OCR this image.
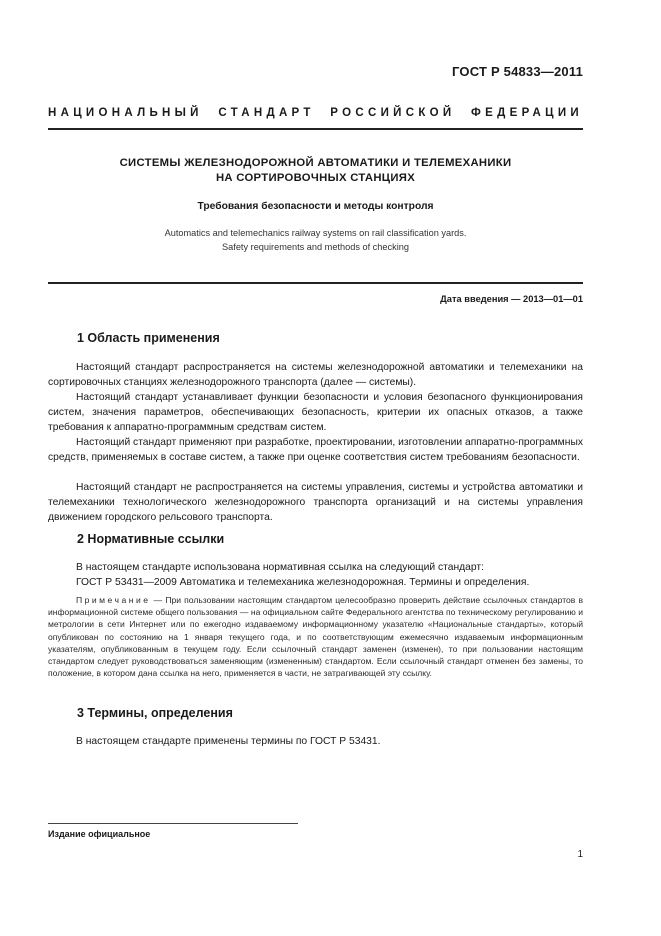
ГОСТ Р 54833—2011
НАЦИОНАЛЬНЫЙ СТАНДАРТ РОССИЙСКОЙ ФЕДЕРАЦИИ
СИСТЕМЫ ЖЕЛЕЗНОДОРОЖНОЙ АВТОМАТИКИ И ТЕЛЕМЕХАНИКИ
НА СОРТИРОВОЧНЫХ СТАНЦИЯХ
Требования безопасности и методы контроля
Automatics and telemechanics railway systems on rail classification yards.
Safety requirements and methods of checking
Дата введения — 2013—01—01
1 Область применения
Настоящий стандарт распространяется на системы железнодорожной автоматики и телемеханики на сортировочных станциях железнодорожного транспорта (далее — системы).
Настоящий стандарт устанавливает функции безопасности и условия безопасного функционирования систем, значения параметров, обеспечивающих безопасность, критерии их опасных отказов, а также требования к аппаратно-программным средствам систем.
Настоящий стандарт применяют при разработке, проектировании, изготовлении аппаратно-программных средств, применяемых в составе систем, а также при оценке соответствия систем требованиям безопасности.
Настоящий стандарт не распространяется на системы управления, системы и устройства автоматики и телемеханики технологического железнодорожного транспорта организаций и на системы управления движением городского рельсового транспорта.
2 Нормативные ссылки
В настоящем стандарте использована нормативная ссылка на следующий стандарт:
ГОСТ Р 53431—2009 Автоматика и телемеханика железнодорожная. Термины и определения.
Примечание — При пользовании настоящим стандартом целесообразно проверить действие ссылочных стандартов в информационной системе общего пользования — на официальном сайте Федерального агентства по техническому регулированию и метрологии в сети Интернет или по ежегодно издаваемому информационному указателю «Национальные стандарты», который опубликован по состоянию на 1 января текущего года, и по соответствующим ежемесячно издаваемым информационным указателям, опубликованным в текущем году. Если ссылочный стандарт заменен (изменен), то при пользовании настоящим стандартом следует руководствоваться заменяющим (измененным) стандартом. Если ссылочный стандарт отменен без замены, то положение, в котором дана ссылка на него, применяется в части, не затрагивающей эту ссылку.
3 Термины, определения
В настоящем стандарте применены термины по ГОСТ Р 53431.
Издание официальное
1
